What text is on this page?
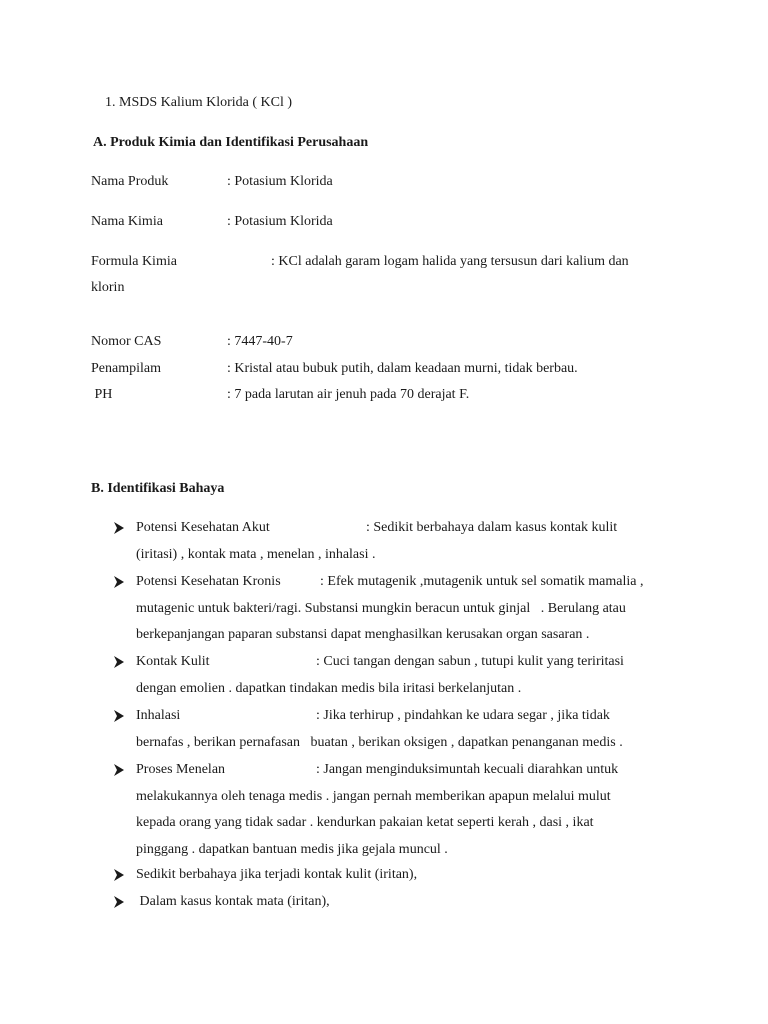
1. MSDS Kalium Klorida ( KCl )
A. Produk Kimia dan Identifikasi Perusahaan
Nama Produk	: Potasium Klorida
Nama Kimia	: Potasium Klorida
Formula Kimia	: KCl adalah garam logam halida yang tersusun dari kalium dan
klorin
Nomor CAS	: 7447-40-7
Penampilam	: Kristal atau bubuk putih, dalam keadaan murni, tidak berbau.
PH	: 7 pada larutan air jenuh pada 70 derajat F.
B. Identifikasi Bahaya
Potensi Kesehatan Akut	: Sedikit berbahaya dalam kasus kontak kulit
(iritasi) , kontak mata , menelan , inhalasi .
Potensi Kesehatan Kronis	: Efek mutagenik ,mutagenik untuk sel somatik mamalia ,
mutagenic untuk bakteri/ragi. Substansi mungkin beracun untuk ginjal   . Berulang atau
berkepanjangan paparan substansi dapat menghasilkan kerusakan organ sasaran .
Kontak Kulit	: Cuci tangan dengan sabun , tutupi kulit yang teriritasi
dengan emolien . dapatkan tindakan medis bila iritasi berkelanjutan .
Inhalasi	: Jika terhirup , pindahkan ke udara segar , jika tidak
bernafas , berikan pernafasan   buatan , berikan oksigen , dapatkan penanganan medis .
Proses Menelan	: Jangan menginduksimuntah kecuali diarahkan untuk
melakukannya oleh tenaga medis . jangan pernah memberikan apapun melalui mulut
kepada orang yang tidak sadar . kendurkan pakaian ketat seperti kerah , dasi , ikat
pinggang . dapatkan bantuan medis jika gejala muncul .
Sedikit berbahaya jika terjadi kontak kulit (iritan),
Dalam kasus kontak mata (iritan),
